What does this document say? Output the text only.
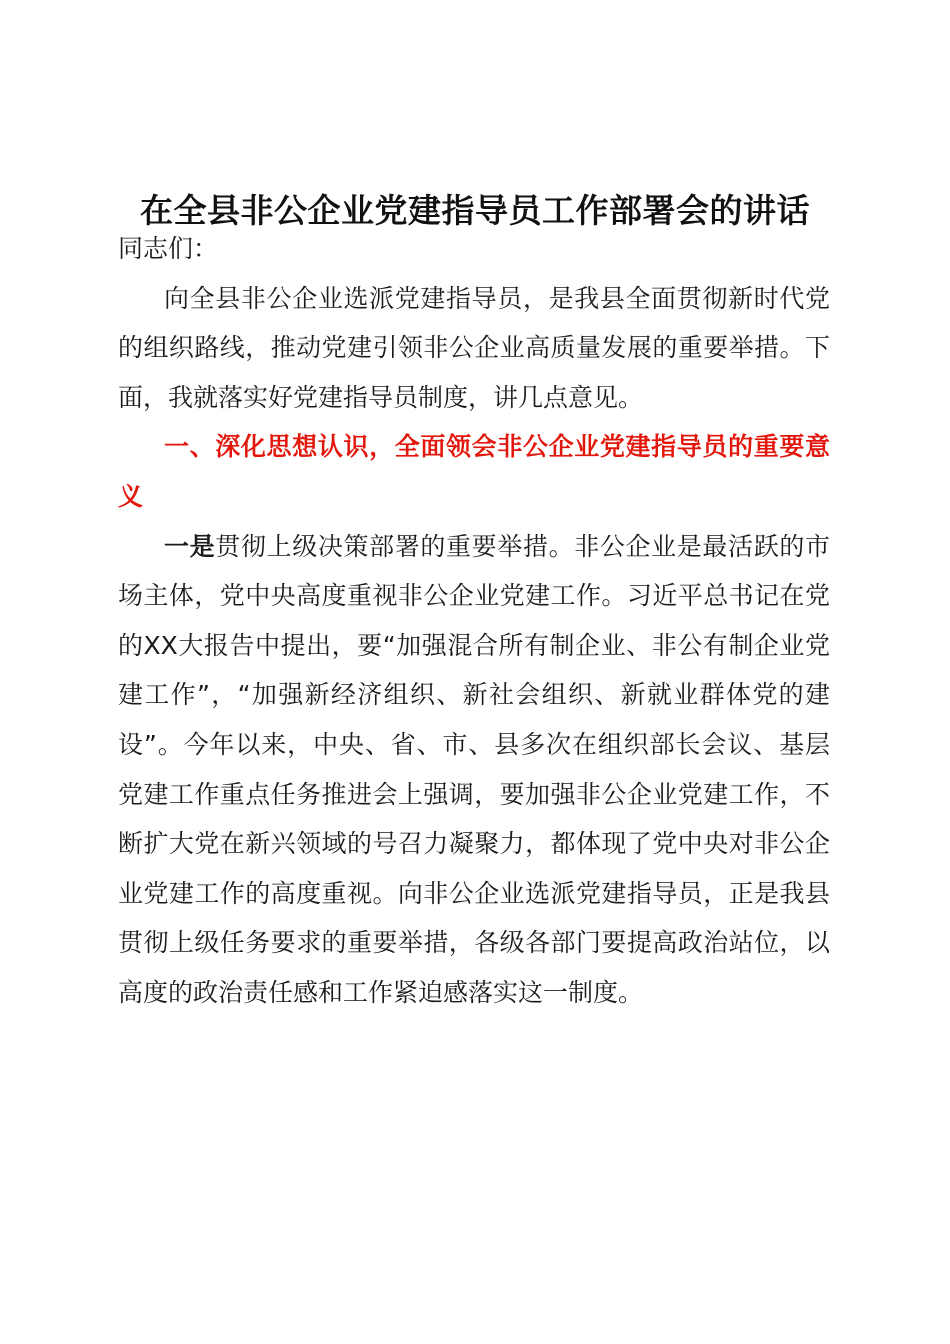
在全县非公企业党建指导员工作部署会的讲话

同志们：

向全县非公企业选派党建指导员，是我县全面贯彻新时代党的组织路线，推动党建引领非公企业高质量发展的重要举措。下面，我就落实好党建指导员制度，讲几点意见。

一、深化思想认识，全面领会非公企业党建指导员的重要意义

一是贯彻上级决策部署的重要举措。非公企业是最活跃的市场主体，党中央高度重视非公企业党建工作。习近平总书记在党的XX大报告中提出，要“加强混合所有制企业、非公有制企业党建工作”，“加强新经济组织、新社会组织、新就业群体党的建设”。今年以来，中央、省、市、县多次在组织部长会议、基层党建工作重点任务推进会上强调，要加强非公企业党建工作，不断扩大党在新兴领域的号召力凝聚力，都体现了党中央对非公企业党建工作的高度重视。向非公企业选派党建指导员，正是我县贯彻上级任务要求的重要举措，各级各部门要提高政治站位，以高度的政治责任感和工作紧迫感落实这一制度。
